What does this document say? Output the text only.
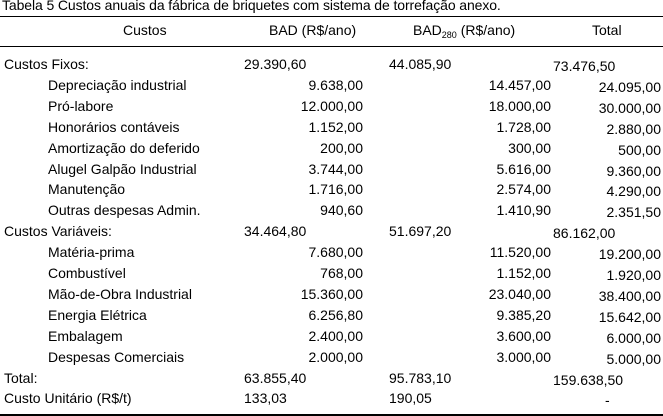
Tabela 5 Custos anuais da fábrica de briquetes com sistema de torrefação anexo.
Custos	BAD (R$/ano)	$BAD_{280}$ (R$/ano)	Total
Custos Fixos:	29.390,60	44.085,90	73.476,50
Depreciação industrial	9.638,00	14.457,00	24.095,00
Pró-labore	12.000,00	18.000,00	30.000,00
Honorários contáveis	1.152,00	1.728,00	2.880,00
Amortização do deferido	200,00	300,00	500,00
Alugel Galpão Industrial	3.744,00	5.616,00	9.360,00
Manutenção	1.716,00	2.574,00	4.290,00
Outras despesas Admin.	940,60	1.410,90	2.351,50
Custos Variáveis:	34.464,80	51.697,20	86.162,00
Matéria-prima	7.680,00	11.520,00	19.200,00
Combustível	768,00	1.152,00	1.920,00
Mão-de-Obra Industrial	15.360,00	23.040,00	38.400,00
Energia Elétrica	6.256,80	9.385,20	15.642,00
Embalagem	2.400,00	3.600,00	6.000,00
Despesas Comerciais	2.000,00	3.000,00	5.000,00
Total:	63.855,40	95.783,10	159.638,50
Custo Unitário (R$/t)	133,03	190,05	-
